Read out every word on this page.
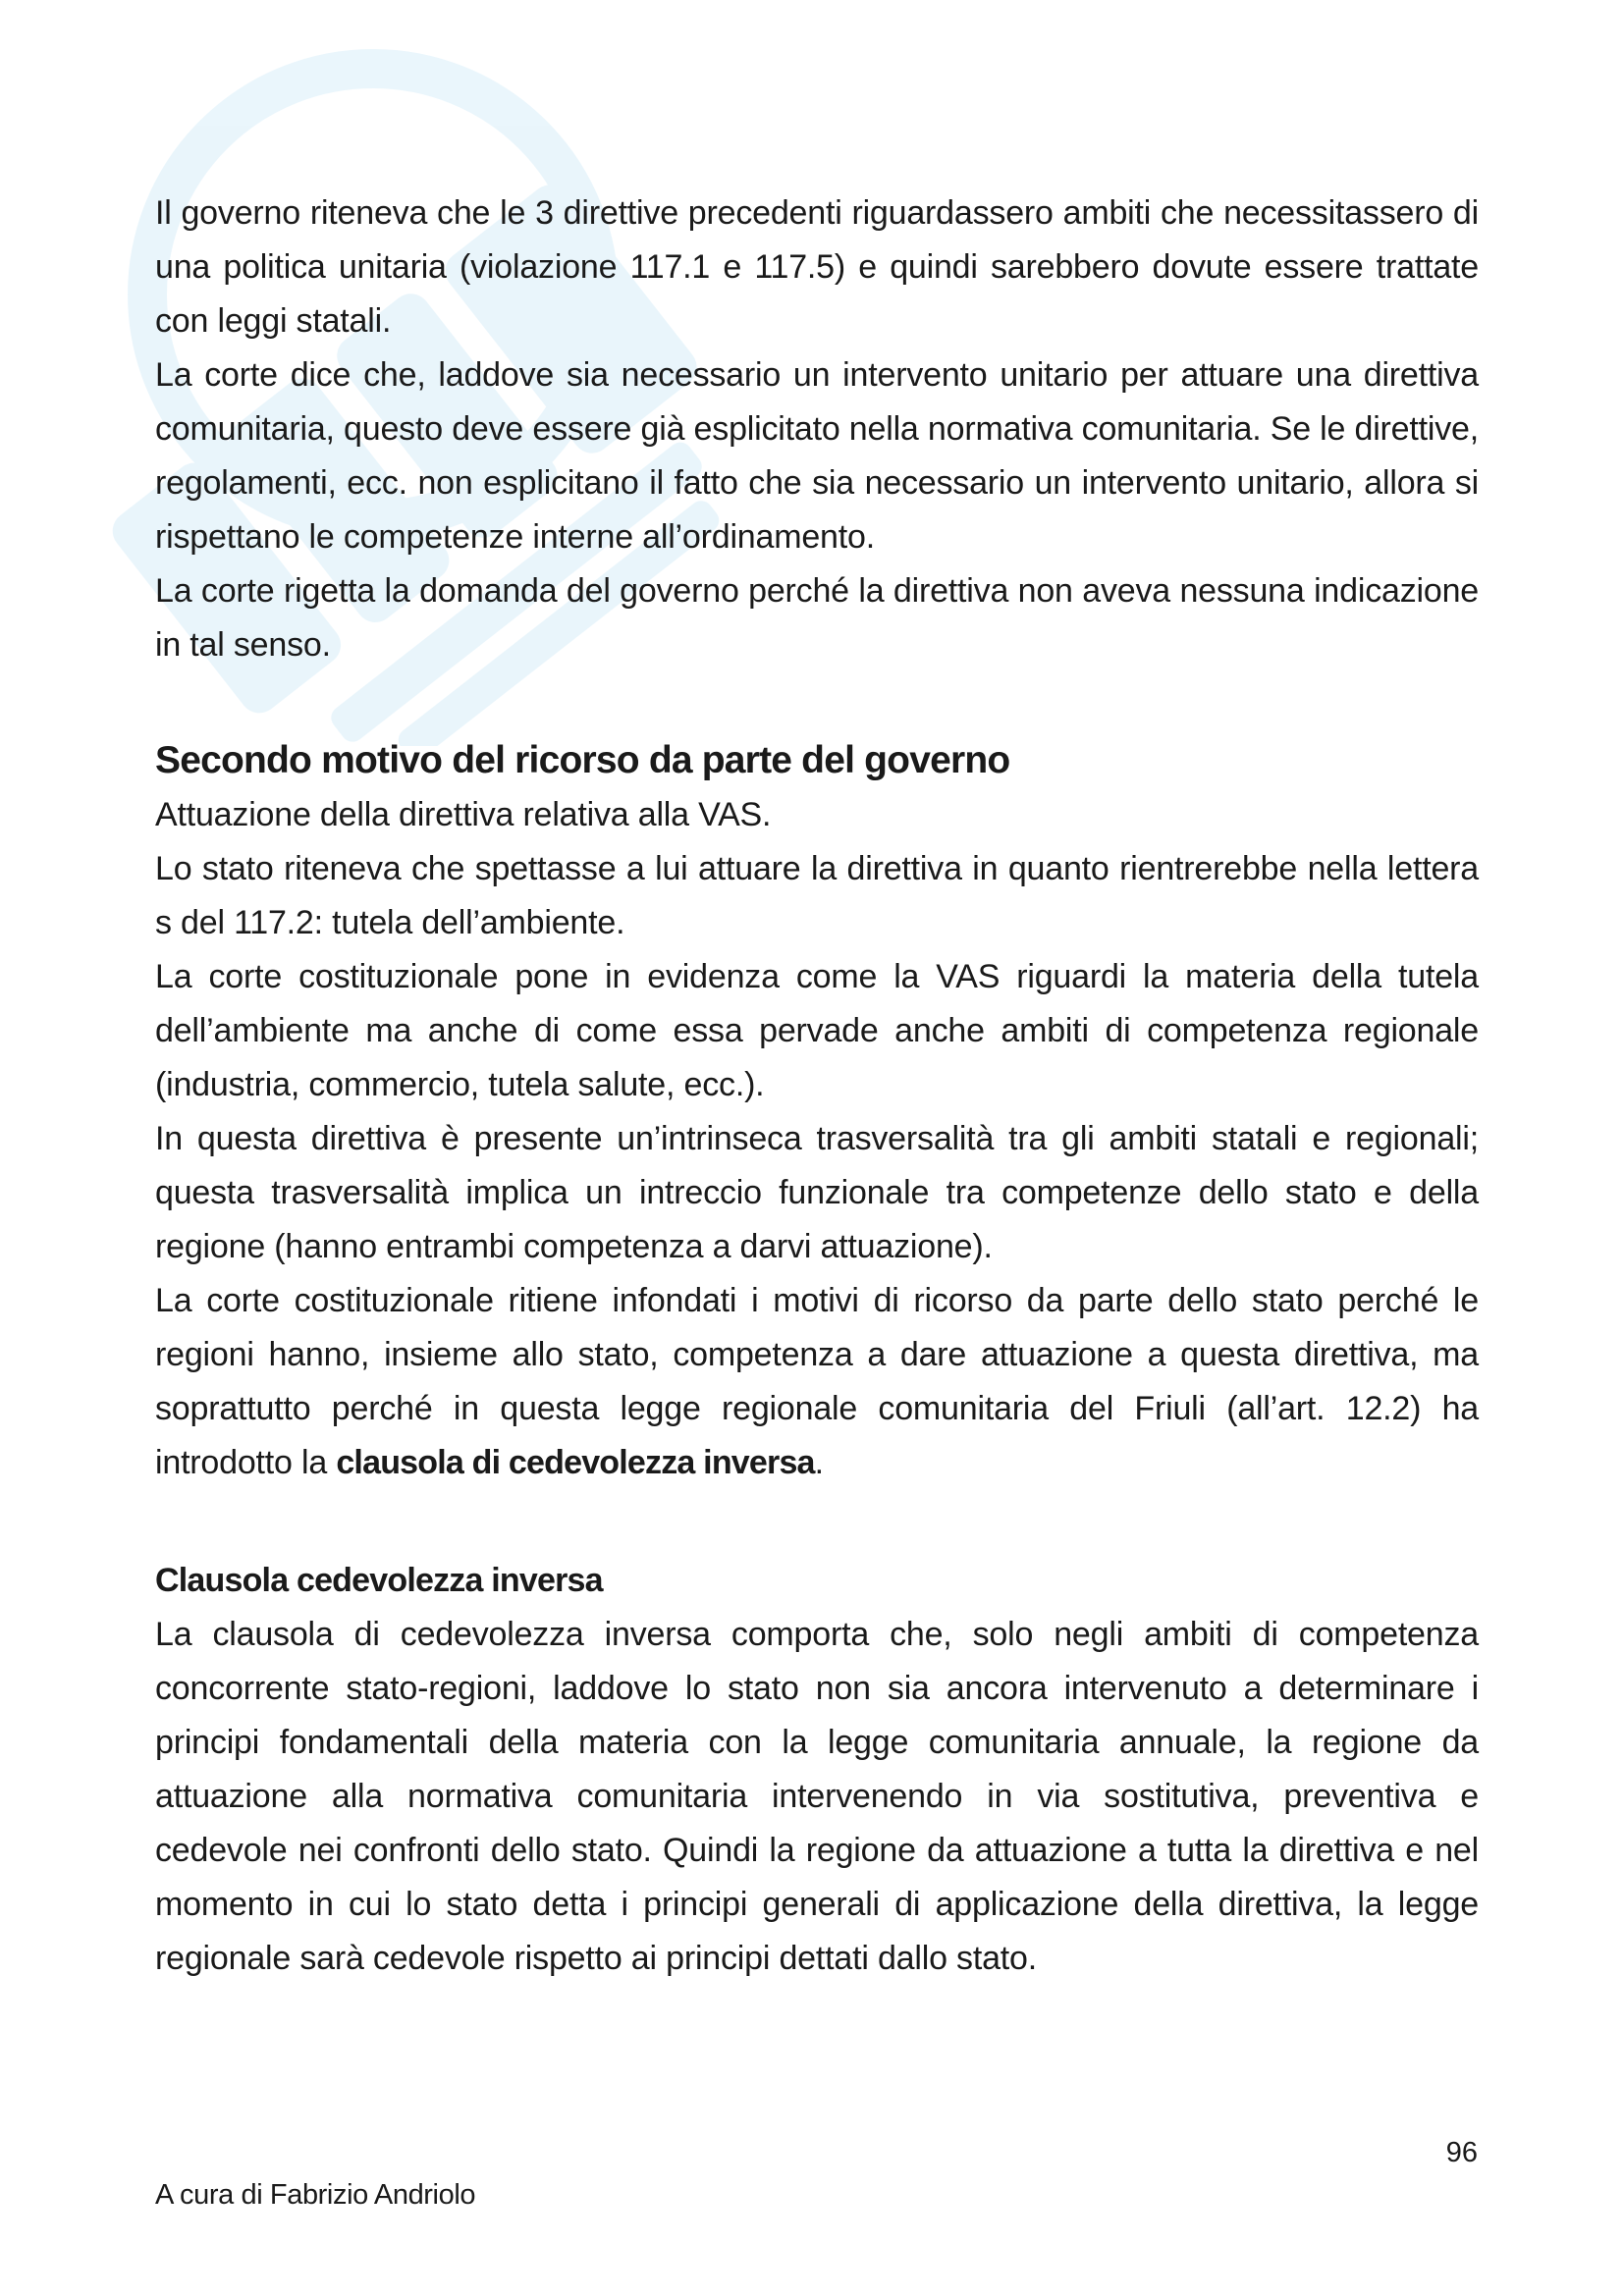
Il governo riteneva che le 3 direttive precedenti riguardassero ambiti che necessitassero di una politica unitaria (violazione 117.1 e 117.5) e quindi sarebbero dovute essere trattate con leggi statali.

La corte dice che, laddove sia necessario un intervento unitario per attuare una direttiva comunitaria, questo deve essere già esplicitato nella normativa comunitaria. Se le direttive, regolamenti, ecc. non esplicitano il fatto che sia necessario un intervento unitario, allora si rispettano le competenze interne all’ordinamento.

La corte rigetta la domanda del governo perché la direttiva non aveva nessuna indicazione in tal senso.

Secondo motivo del ricorso da parte del governo

Attuazione della direttiva relativa alla VAS.

Lo stato riteneva che spettasse a lui attuare la direttiva in quanto rientrerebbe nella lettera s del 117.2: tutela dell’ambiente.

La corte costituzionale pone in evidenza come la VAS riguardi la materia della tutela dell’ambiente ma anche di come essa pervade anche ambiti di competenza regionale (industria, commercio, tutela salute, ecc.).

In questa direttiva è presente un’intrinseca trasversalità tra gli ambiti statali e regionali; questa trasversalità implica un intreccio funzionale tra competenze dello stato e della regione (hanno entrambi competenza a darvi attuazione).

La corte costituzionale ritiene infondati i motivi di ricorso da parte dello stato perché le regioni hanno, insieme allo stato, competenza a dare attuazione a questa direttiva, ma soprattutto perché in questa legge regionale comunitaria del Friuli (all’art. 12.2) ha introdotto la clausola di cedevolezza inversa.

Clausola cedevolezza inversa

La clausola di cedevolezza inversa comporta che, solo negli ambiti di competenza concorrente stato-regioni, laddove lo stato non sia ancora intervenuto a determinare i principi fondamentali della materia con la legge comunitaria annuale, la regione da attuazione alla normativa comunitaria intervenendo in via sostitutiva, preventiva e cedevole nei confronti dello stato. Quindi la regione da attuazione a tutta la direttiva e nel momento in cui lo stato detta i principi generali di applicazione della direttiva, la legge regionale sarà cedevole rispetto ai principi dettati dallo stato.

96
A cura di Fabrizio Andriolo
